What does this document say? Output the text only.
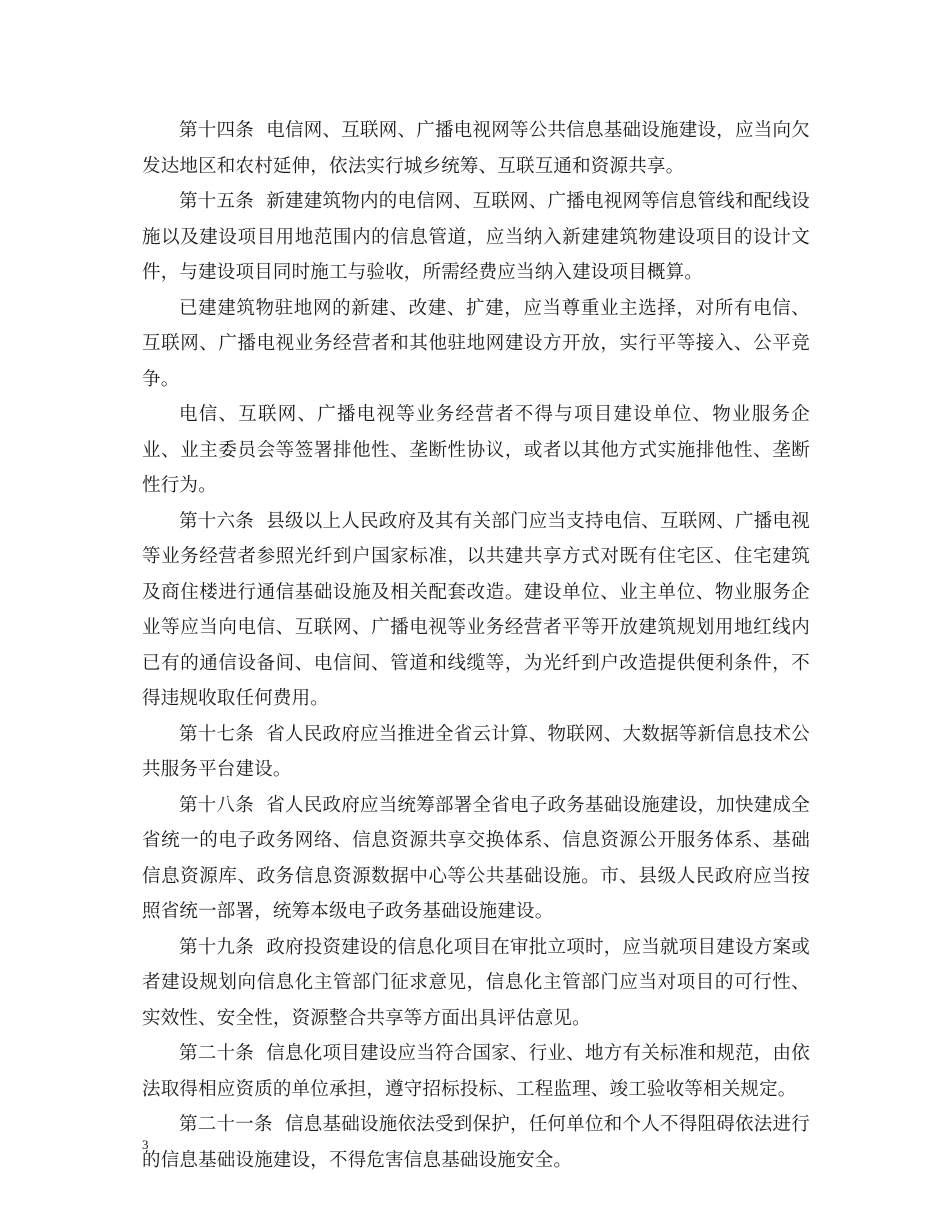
第十四条  电信网、互联网、广播电视网等公共信息基础设施建设，应当向欠发达地区和农村延伸，依法实行城乡统筹、互联互通和资源共享。

第十五条  新建建筑物内的电信网、互联网、广播电视网等信息管线和配线设施以及建设项目用地范围内的信息管道，应当纳入新建建筑物建设项目的设计文件，与建设项目同时施工与验收，所需经费应当纳入建设项目概算。

已建建筑物驻地网的新建、改建、扩建，应当尊重业主选择，对所有电信、互联网、广播电视业务经营者和其他驻地网建设方开放，实行平等接入、公平竞争。

电信、互联网、广播电视等业务经营者不得与项目建设单位、物业服务企业、业主委员会等签署排他性、垄断性协议，或者以其他方式实施排他性、垄断性行为。

第十六条  县级以上人民政府及其有关部门应当支持电信、互联网、广播电视等业务经营者参照光纤到户国家标准，以共建共享方式对既有住宅区、住宅建筑及商住楼进行通信基础设施及相关配套改造。建设单位、业主单位、物业服务企业等应当向电信、互联网、广播电视等业务经营者平等开放建筑规划用地红线内已有的通信设备间、电信间、管道和线缆等，为光纤到户改造提供便利条件，不得违规收取任何费用。

第十七条  省人民政府应当推进全省云计算、物联网、大数据等新信息技术公共服务平台建设。

第十八条  省人民政府应当统筹部署全省电子政务基础设施建设，加快建成全省统一的电子政务网络、信息资源共享交换体系、信息资源公开服务体系、基础信息资源库、政务信息资源数据中心等公共基础设施。市、县级人民政府应当按照省统一部署，统筹本级电子政务基础设施建设。

第十九条  政府投资建设的信息化项目在审批立项时，应当就项目建设方案或者建设规划向信息化主管部门征求意见，信息化主管部门应当对项目的可行性、实效性、安全性，资源整合共享等方面出具评估意见。

第二十条  信息化项目建设应当符合国家、行业、地方有关标准和规范，由依法取得相应资质的单位承担，遵守招标投标、工程监理、竣工验收等相关规定。

第二十一条  信息基础设施依法受到保护，任何单位和个人不得阻碍依法进行的信息基础设施建设，不得危害信息基础设施安全。

3
